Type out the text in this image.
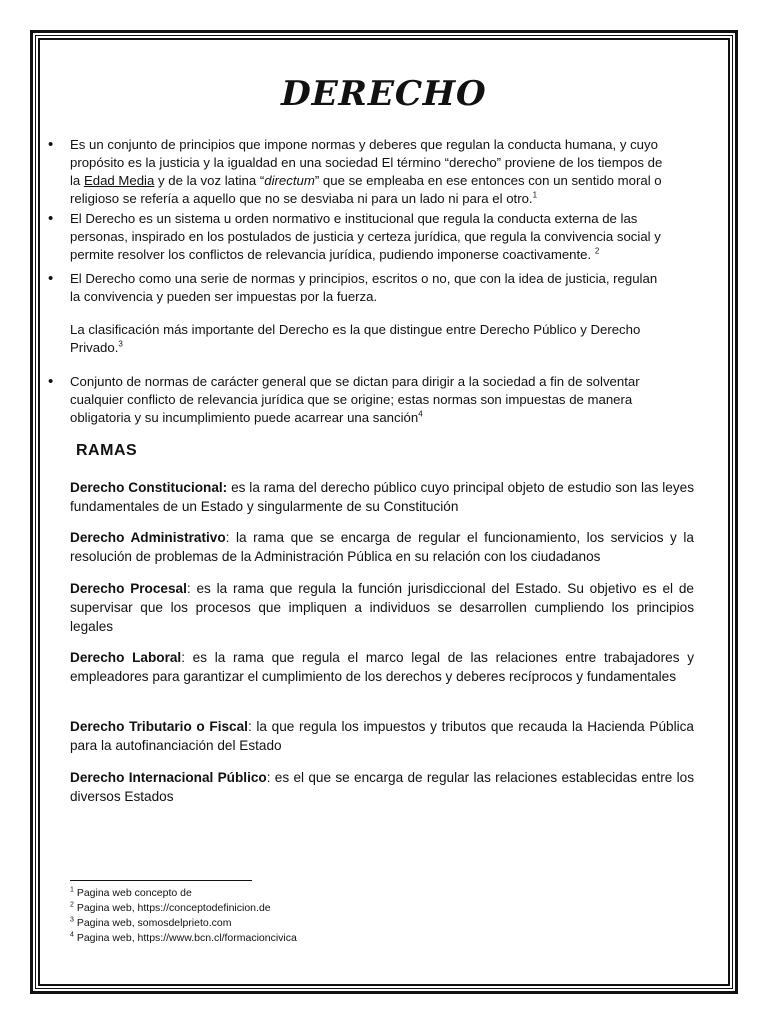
DERECHO
• Es un conjunto de principios que impone normas y deberes que regulan la conducta humana, y cuyo
propósito es la justicia y la igualdad en una sociedad El término “derecho” proviene de los tiempos de
la Edad Media y de la voz latina “directum” que se empleaba en ese entonces con un sentido moral o
religioso se refería a aquello que no se desviaba ni para un lado ni para el otro.$^1$
• El Derecho es un sistema u orden normativo e institucional que regula la conducta externa de las
personas, inspirado en los postulados de justicia y certeza jurídica, que regula la convivencia social y
permite resolver los conflictos de relevancia jurídica, pudiendo imponerse coactivamente. $^2$
• El Derecho como una serie de normas y principios, escritos o no, que con la idea de justicia, regulan
la convivencia y pueden ser impuestas por la fuerza.
La clasificación más importante del Derecho es la que distingue entre Derecho Público y Derecho
Privado.$^3$
• Conjunto de normas de carácter general que se dictan para dirigir a la sociedad a fin de solventar
cualquier conflicto de relevancia jurídica que se origine; estas normas son impuestas de manera
obligatoria y su incumplimiento puede acarrear una sanción$^4$
RAMAS
Derecho Constitucional: es la rama del derecho público cuyo principal objeto de estudio son las leyes fundamentales de un Estado y singularmente de su Constitución
Derecho Administrativo: la rama que se encarga de regular el funcionamiento, los servicios y la resolución de problemas de la Administración Pública en su relación con los ciudadanos
Derecho Procesal: es la rama que regula la función jurisdiccional del Estado. Su objetivo es el de supervisar que los procesos que impliquen a individuos se desarrollen cumpliendo los principios legales
Derecho Laboral: es la rama que regula el marco legal de las relaciones entre trabajadores y empleadores para garantizar el cumplimiento de los derechos y deberes recíprocos y fundamentales
Derecho Tributario o Fiscal: la que regula los impuestos y tributos que recauda la Hacienda Pública para la autofinanciación del Estado
Derecho Internacional Público: es el que se encarga de regular las relaciones establecidas entre los diversos Estados
$^1$ Pagina web concepto de
$^2$ Pagina web, https://conceptodefinicion.de
$^3$ Pagina web, somosdelprieto.com
$^4$ Pagina web, https://www.bcn.cl/formacioncivica
